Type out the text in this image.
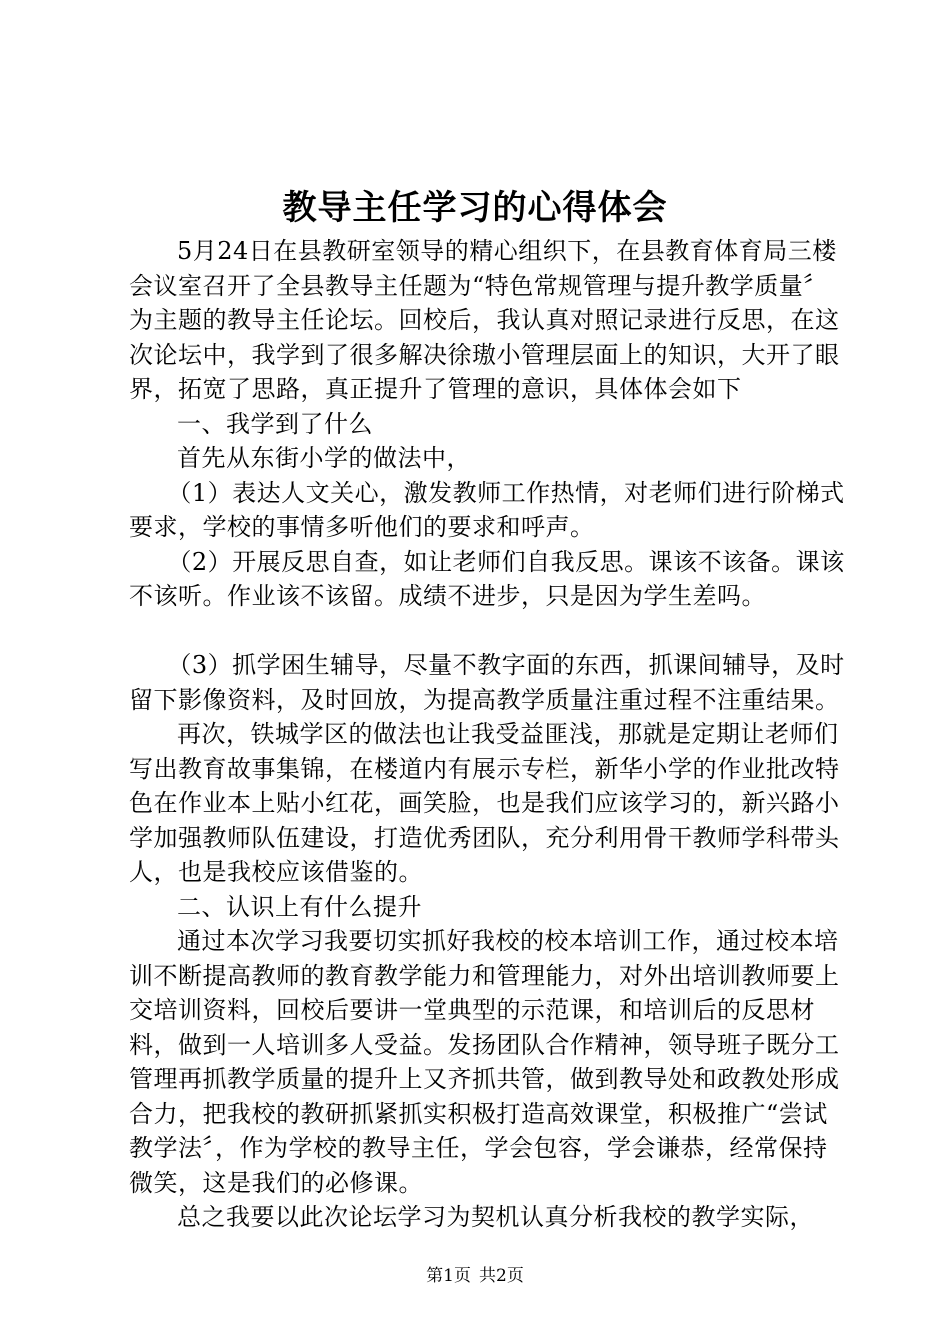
教导主任学习的心得体会

5月24日在县教研室领导的精心组织下，在县教育体育局三楼会议室召开了全县教导主任题为“特色常规管理与提升教学质量〞为主题的教导主任论坛。回校后，我认真对照记录进行反思，在这次论坛中，我学到了很多解决徐璈小管理层面上的知识，大开了眼界，拓宽了思路，真正提升了管理的意识，具体体会如下

一、我学到了什么

首先从东街小学的做法中，

（1）表达人文关心，激发教师工作热情，对老师们进行阶梯式要求，学校的事情多听他们的要求和呼声。

（2）开展反思自查，如让老师们自我反思。课该不该备。课该不该听。作业该不该留。成绩不进步，只是因为学生差吗。

（3）抓学困生辅导，尽量不教字面的东西，抓课间辅导，及时留下影像资料，及时回放，为提高教学质量注重过程不注重结果。

再次，铁城学区的做法也让我受益匪浅，那就是定期让老师们写出教育故事集锦，在楼道内有展示专栏，新华小学的作业批改特色在作业本上贴小红花，画笑脸，也是我们应该学习的，新兴路小学加强教师队伍建设，打造优秀团队，充分利用骨干教师学科带头人，也是我校应该借鉴的。

二、认识上有什么提升

通过本次学习我要切实抓好我校的校本培训工作，通过校本培训不断提高教师的教育教学能力和管理能力，对外出培训教师要上交培训资料，回校后要讲一堂典型的示范课，和培训后的反思材料，做到一人培训多人受益。发扬团队合作精神，领导班子既分工管理再抓教学质量的提升上又齐抓共管，做到教导处和政教处形成合力，把我校的教研抓紧抓实积极打造高效课堂，积极推广“尝试教学法〞，作为学校的教导主任，学会包容，学会谦恭，经常保持微笑，这是我们的必修课。

总之我要以此次论坛学习为契机认真分析我校的教学实际，

第1页 共2页
